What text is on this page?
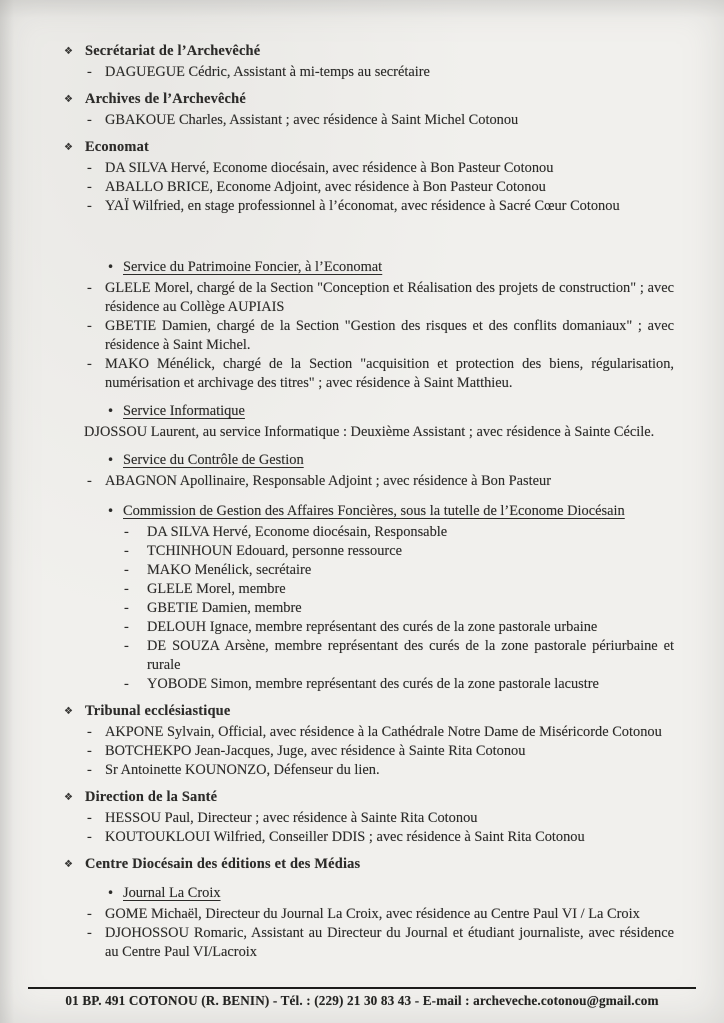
❖ Secrétariat de l’Archevêché
- DAGUEGUE Cédric, Assistant à mi-temps au secrétaire
❖ Archives de l’Archevêché
- GBAKOUE Charles, Assistant ; avec résidence à Saint Michel Cotonou
❖ Economat
- DA SILVA Hervé, Econome diocésain, avec résidence à Bon Pasteur Cotonou
- ABALLO BRICE, Econome Adjoint, avec résidence à Bon Pasteur Cotonou
- YAÏ Wilfried, en stage professionnel à l’économat, avec résidence à Sacré Cœur Cotonou
• Service du Patrimoine Foncier, à l’Economat
- GLELE Morel, chargé de la Section "Conception et Réalisation des projets de construction" ; avec résidence au Collège AUPIAIS
- GBETIE Damien, chargé de la Section "Gestion des risques et des conflits domaniaux" ; avec résidence à Saint Michel.
- MAKO Ménélick, chargé de la Section "acquisition et protection des biens, régularisation, numérisation et archivage des titres" ; avec résidence à Saint Matthieu.
• Service Informatique
DJOSSOU Laurent, au service Informatique : Deuxième Assistant ; avec résidence à Sainte Cécile.
• Service du Contrôle de Gestion
- ABAGNON Apollinaire, Responsable Adjoint ; avec résidence à Bon Pasteur
• Commission de Gestion des Affaires Foncières, sous la tutelle de l’Econome Diocésain
-	DA SILVA Hervé, Econome diocésain, Responsable
-	TCHINHOUN Edouard, personne ressource
-	MAKO Menélick, secrétaire
-	GLELE Morel, membre
-	GBETIE Damien, membre
-	DELOUH Ignace, membre représentant des curés de la zone pastorale urbaine
-	DE SOUZA Arsène, membre représentant des curés de la zone pastorale périurbaine et rurale
-	YOBODE Simon, membre représentant des curés de la zone pastorale lacustre
❖ Tribunal ecclésiastique
- AKPONE Sylvain, Official, avec résidence à la Cathédrale Notre Dame de Miséricorde Cotonou
- BOTCHEKPO Jean-Jacques, Juge, avec résidence à Sainte Rita Cotonou
- Sr Antoinette KOUNONZO, Défenseur du lien.
❖ Direction de la Santé
- HESSOU Paul, Directeur ; avec résidence à Sainte Rita Cotonou
- KOUTOUKLOUI Wilfried, Conseiller DDIS ; avec résidence à Saint Rita Cotonou
❖ Centre Diocésain des éditions et des Médias
• Journal La Croix
- GOME Michaël, Directeur du Journal La Croix, avec résidence au Centre Paul VI / La Croix
- DJOHOSSOU Romaric, Assistant au Directeur du Journal et étudiant journaliste, avec résidence au Centre Paul VI/Lacroix
01 BP. 491 COTONOU (R. BENIN) - Tél. : (229) 21 30 83 43 - E-mail : archeveche.cotonou@gmail.com
